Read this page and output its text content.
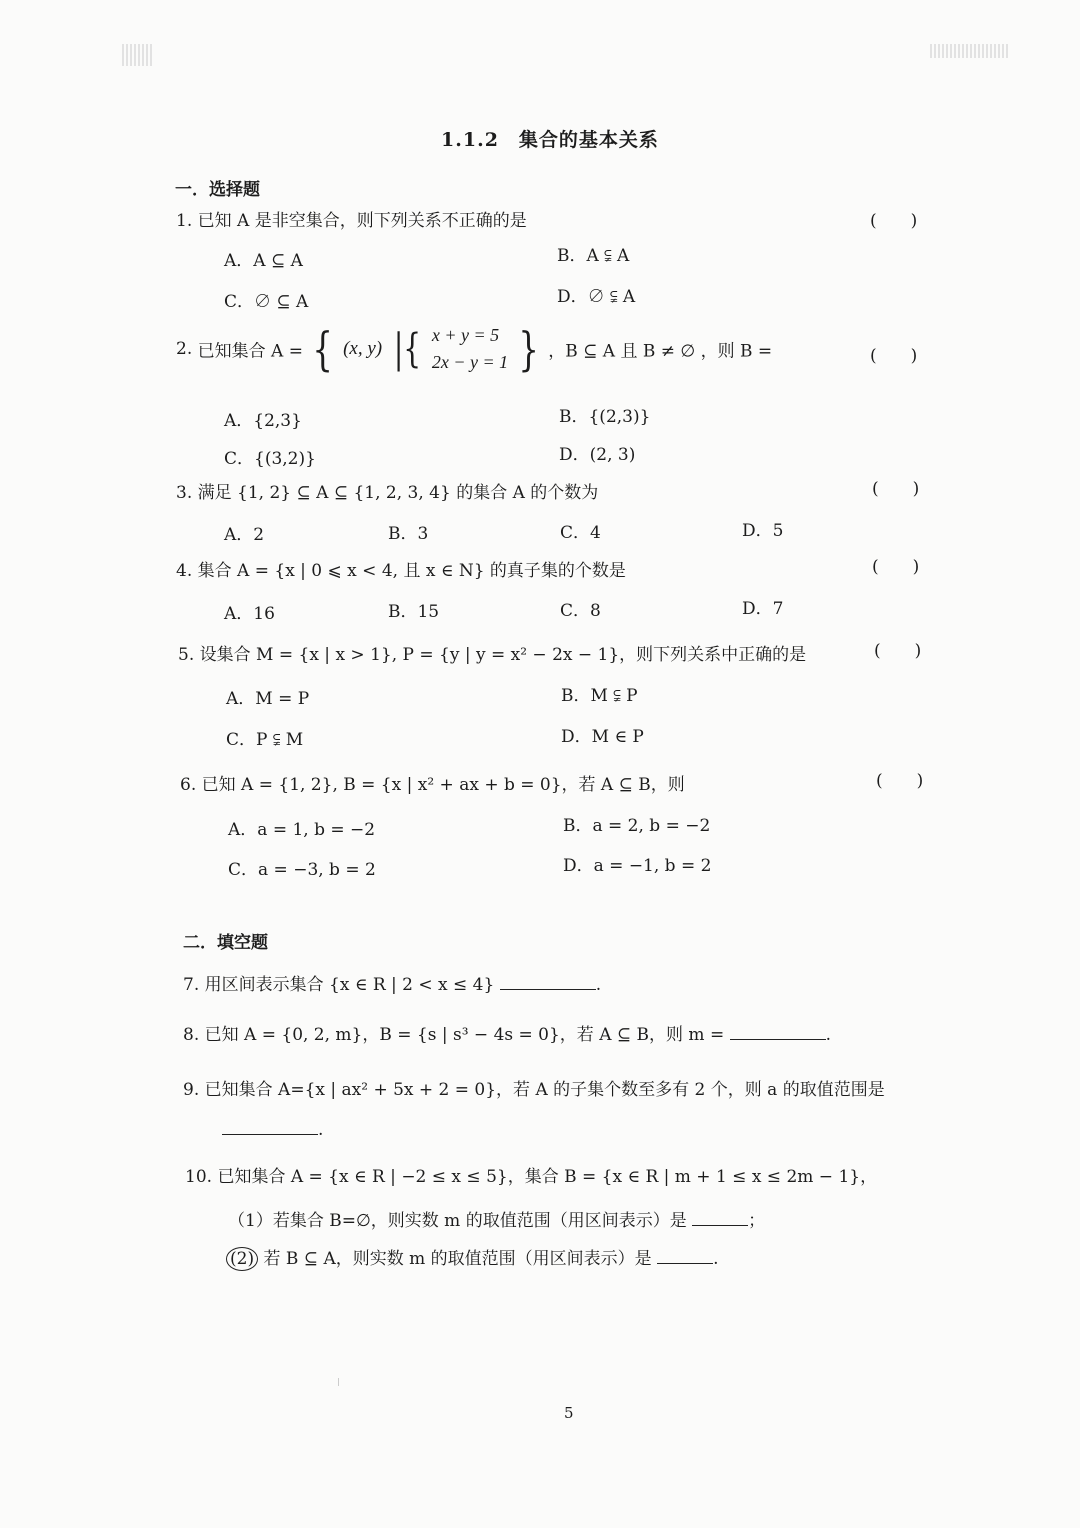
1.1.2　集合的基本关系
一．选择题
1. 已知 A 是非空集合，则下列关系不正确的是	(　　)
A．A ⊆ A	B．A ⫋ A
C．∅ ⊆ A	D．∅ ⫋ A
2. 已知集合 A = { (x, y) |{ x + y = 5
2x − y = 1 } ，B ⊆ A 且 B ≠ ∅ ，则 B =	(　　)
A．{2,3}	B．{(2,3)}
C．{(3,2)}	D．(2, 3)
3. 满足 {1, 2} ⊆ A ⊆ {1, 2, 3, 4} 的集合 A 的个数为	(　　)
A．2	B．3	C．4	D．5
4. 集合 A = {x | 0 ⩽ x < 4, 且 x ∈ N} 的真子集的个数是	(　　)
A．16	B．15	C．8	D．7
5. 设集合 M = {x | x > 1}, P = {y | y = x² − 2x − 1}，则下列关系中正确的是	(　　)
A．M = P	B．M ⫋ P
C．P ⫋ M	D．M ∈ P
6. 已知 A = {1, 2}, B = {x | x² + ax + b = 0}，若 A ⊆ B，则	(　　)
A．a = 1, b = −2	B．a = 2, b = −2
C．a = −3, b = 2	D．a = −1, b = 2
二．填空题
7. 用区间表示集合 {x ∈ R | 2 < x ≤ 4}	.
8. 已知 A = {0, 2, m}，B = {s | s³ − 4s = 0}，若 A ⊆ B，则 m =	.
9. 已知集合 A={x | ax² + 5x + 2 = 0}，若 A 的子集个数至多有 2 个，则 a 的取值范围是
.
10. 已知集合 A = {x ∈ R | −2 ≤ x ≤ 5}，集合 B = {x ∈ R | m + 1 ≤ x ≤ 2m − 1}，
（1）若集合 B=∅，则实数 m 的取值范围（用区间表示）是	；
(2) 若 B ⊆ A，则实数 m 的取值范围（用区间表示）是	.
5
